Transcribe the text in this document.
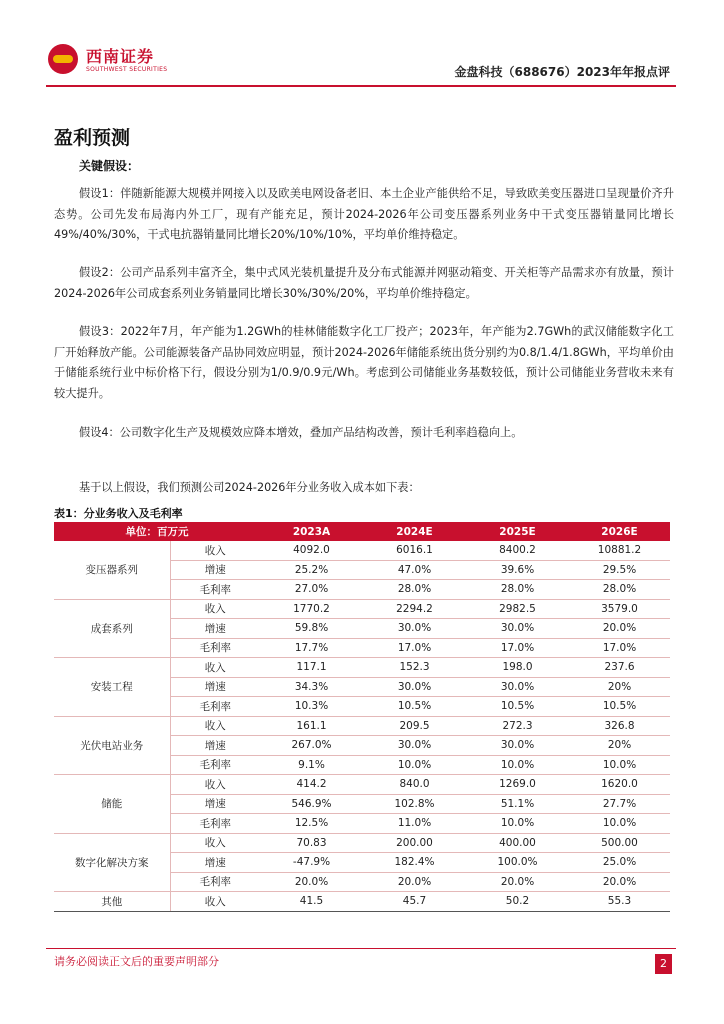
西南证券
SOUTHWEST SECURITIES	金盘科技（688676）2023年年报点评
盈利预测
关键假设：
假设1：伴随新能源大规模并网接入以及欧美电网设备老旧、本土企业产能供给不足，导致欧美变压器进口呈现量价齐升态势。公司先发布局海内外工厂，现有产能充足，预计2024-2026年公司变压器系列业务中干式变压器销量同比增长49%/40%/30%，干式电抗器销量同比增长20%/10%/10%，平均单价维持稳定。
假设2：公司产品系列丰富齐全，集中式风光装机量提升及分布式能源并网驱动箱变、开关柜等产品需求亦有放量，预计2024-2026年公司成套系列业务销量同比增长30%/30%/20%，平均单价维持稳定。
假设3：2022年7月，年产能为1.2GWh的桂林储能数字化工厂投产；2023年，年产能为2.7GWh的武汉储能数字化工厂开始释放产能。公司能源装备产品协同效应明显，预计2024-2026年储能系统出货分别约为0.8/1.4/1.8GWh，平均单价由于储能系统行业中标价格下行，假设分别为1/0.9/0.9元/Wh。考虑到公司储能业务基数较低，预计公司储能业务营收未来有较大提升。
假设4：公司数字化生产及规模效应降本增效，叠加产品结构改善，预计毛利率趋稳向上。
基于以上假设，我们预测公司2024-2026年分业务收入成本如下表：
表1：分业务收入及毛利率
单位：百万元		2023A	2024E	2025E	2026E
变压器系列	收入	4092.0	6016.1	8400.2	10881.2
	增速	25.2%	47.0%	39.6%	29.5%
	毛利率	27.0%	28.0%	28.0%	28.0%
成套系列	收入	1770.2	2294.2	2982.5	3579.0
	增速	59.8%	30.0%	30.0%	20.0%
	毛利率	17.7%	17.0%	17.0%	17.0%
安装工程	收入	117.1	152.3	198.0	237.6
	增速	34.3%	30.0%	30.0%	20%
	毛利率	10.3%	10.5%	10.5%	10.5%
光伏电站业务	收入	161.1	209.5	272.3	326.8
	增速	267.0%	30.0%	30.0%	20%
	毛利率	9.1%	10.0%	10.0%	10.0%
储能	收入	414.2	840.0	1269.0	1620.0
	增速	546.9%	102.8%	51.1%	27.7%
	毛利率	12.5%	11.0%	10.0%	10.0%
数字化解决方案	收入	70.83	200.00	400.00	500.00
	增速	-47.9%	182.4%	100.0%	25.0%
	毛利率	20.0%	20.0%	20.0%	20.0%
其他	收入	41.5	45.7	50.2	55.3
请务必阅读正文后的重要声明部分	2
